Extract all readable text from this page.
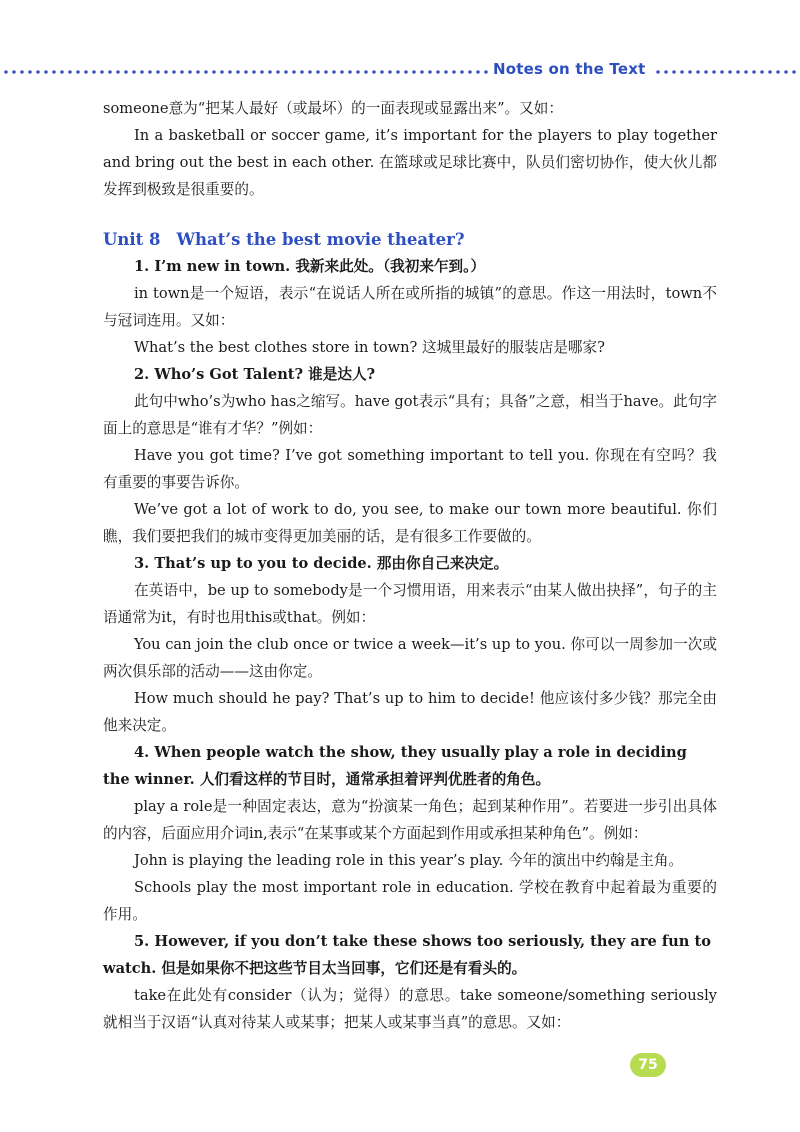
Notes on the Text

someone意为“把某人最好（或最坏）的一面表现或显露出来”。又如：

In a basketball or soccer game, it’s important for the players to play together and bring out the best in each other. 在篮球或足球比赛中，队员们密切协作，使大伙儿都发挥到极致是很重要的。

Unit 8 What’s the best movie theater?

1. I’m new in town. 我新来此处。（我初来乍到。）

in town是一个短语，表示“在说话人所在或所指的城镇”的意思。作这一用法时，town不与冠词连用。又如：

What’s the best clothes store in town? 这城里最好的服装店是哪家?

2. Who’s Got Talent? 谁是达人?

此句中who’s为who has之缩写。have got表示“具有；具备”之意，相当于have。此句字面上的意思是“谁有才华？”例如：

Have you got time? I’ve got something important to tell you. 你现在有空吗？我有重要的事要告诉你。

We’ve got a lot of work to do, you see, to make our town more beautiful. 你们瞧，我们要把我们的城市变得更加美丽的话，是有很多工作要做的。

3. That’s up to you to decide. 那由你自己来决定。

在英语中，be up to somebody是一个习惯用语，用来表示“由某人做出抉择”，句子的主语通常为it，有时也用this或that。例如：

You can join the club once or twice a week—it’s up to you. 你可以一周参加一次或两次俱乐部的活动——这由你定。

How much should he pay? That’s up to him to decide! 他应该付多少钱？那完全由他来决定。

4. When people watch the show, they usually play a role in deciding the winner. 人们看这样的节目时，通常承担着评判优胜者的角色。

play a role是一种固定表达，意为“扮演某一角色；起到某种作用”。若要进一步引出具体的内容，后面应用介词in,表示“在某事或某个方面起到作用或承担某种角色”。例如：

John is playing the leading role in this year’s play. 今年的演出中约翰是主角。

Schools play the most important role in education. 学校在教育中起着最为重要的作用。

5. However, if you don’t take these shows too seriously, they are fun to watch. 但是如果你不把这些节目太当回事，它们还是有看头的。

take在此处有consider（认为；觉得）的意思。take someone/something seriously 就相当于汉语“认真对待某人或某事；把某人或某事当真”的意思。又如：

75
